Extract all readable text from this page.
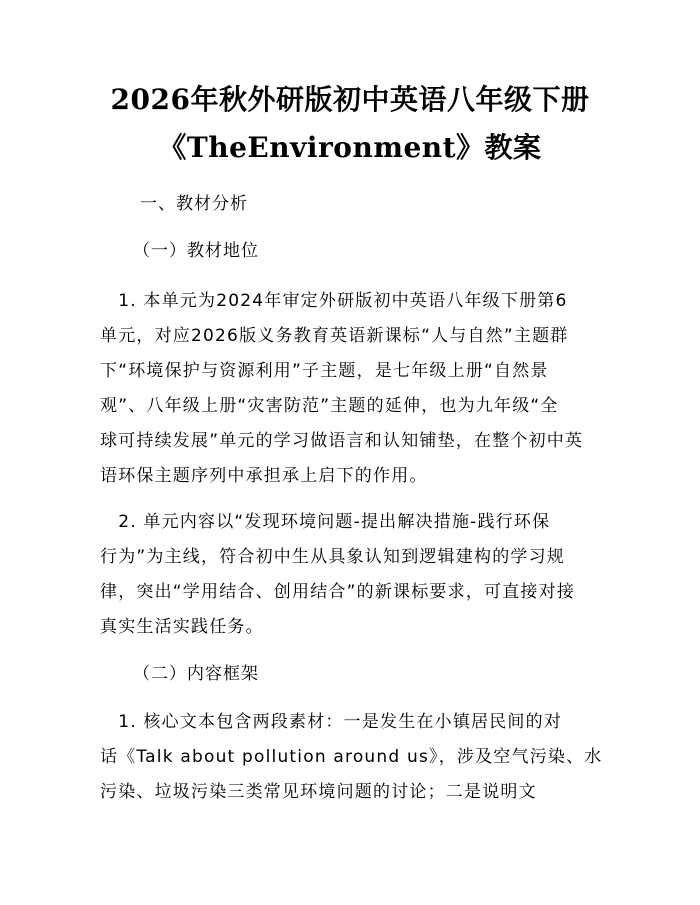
2026年秋外研版初中英语八年级下册
《TheEnvironment》教案
一、教材分析
（一）教材地位
　1. 本单元为2024年审定外研版初中英语八年级下册第6
单元，对应2026版义务教育英语新课标“人与自然”主题群
下“环境保护与资源利用”子主题，是七年级上册“自然景
观”、八年级上册“灾害防范”主题的延伸，也为九年级“全
球可持续发展”单元的学习做语言和认知铺垫，在整个初中英
语环保主题序列中承担承上启下的作用。
　2. 单元内容以“发现环境问题-提出解决措施-践行环保
行为”为主线，符合初中生从具象认知到逻辑建构的学习规
律，突出“学用结合、创用结合”的新课标要求，可直接对接
真实生活实践任务。
（二）内容框架
　1. 核心文本包含两段素材：一是发生在小镇居民间的对
话《Talk about pollution around us》，涉及空气污染、水
污染、垃圾污染三类常见环境问题的讨论；二是说明文
